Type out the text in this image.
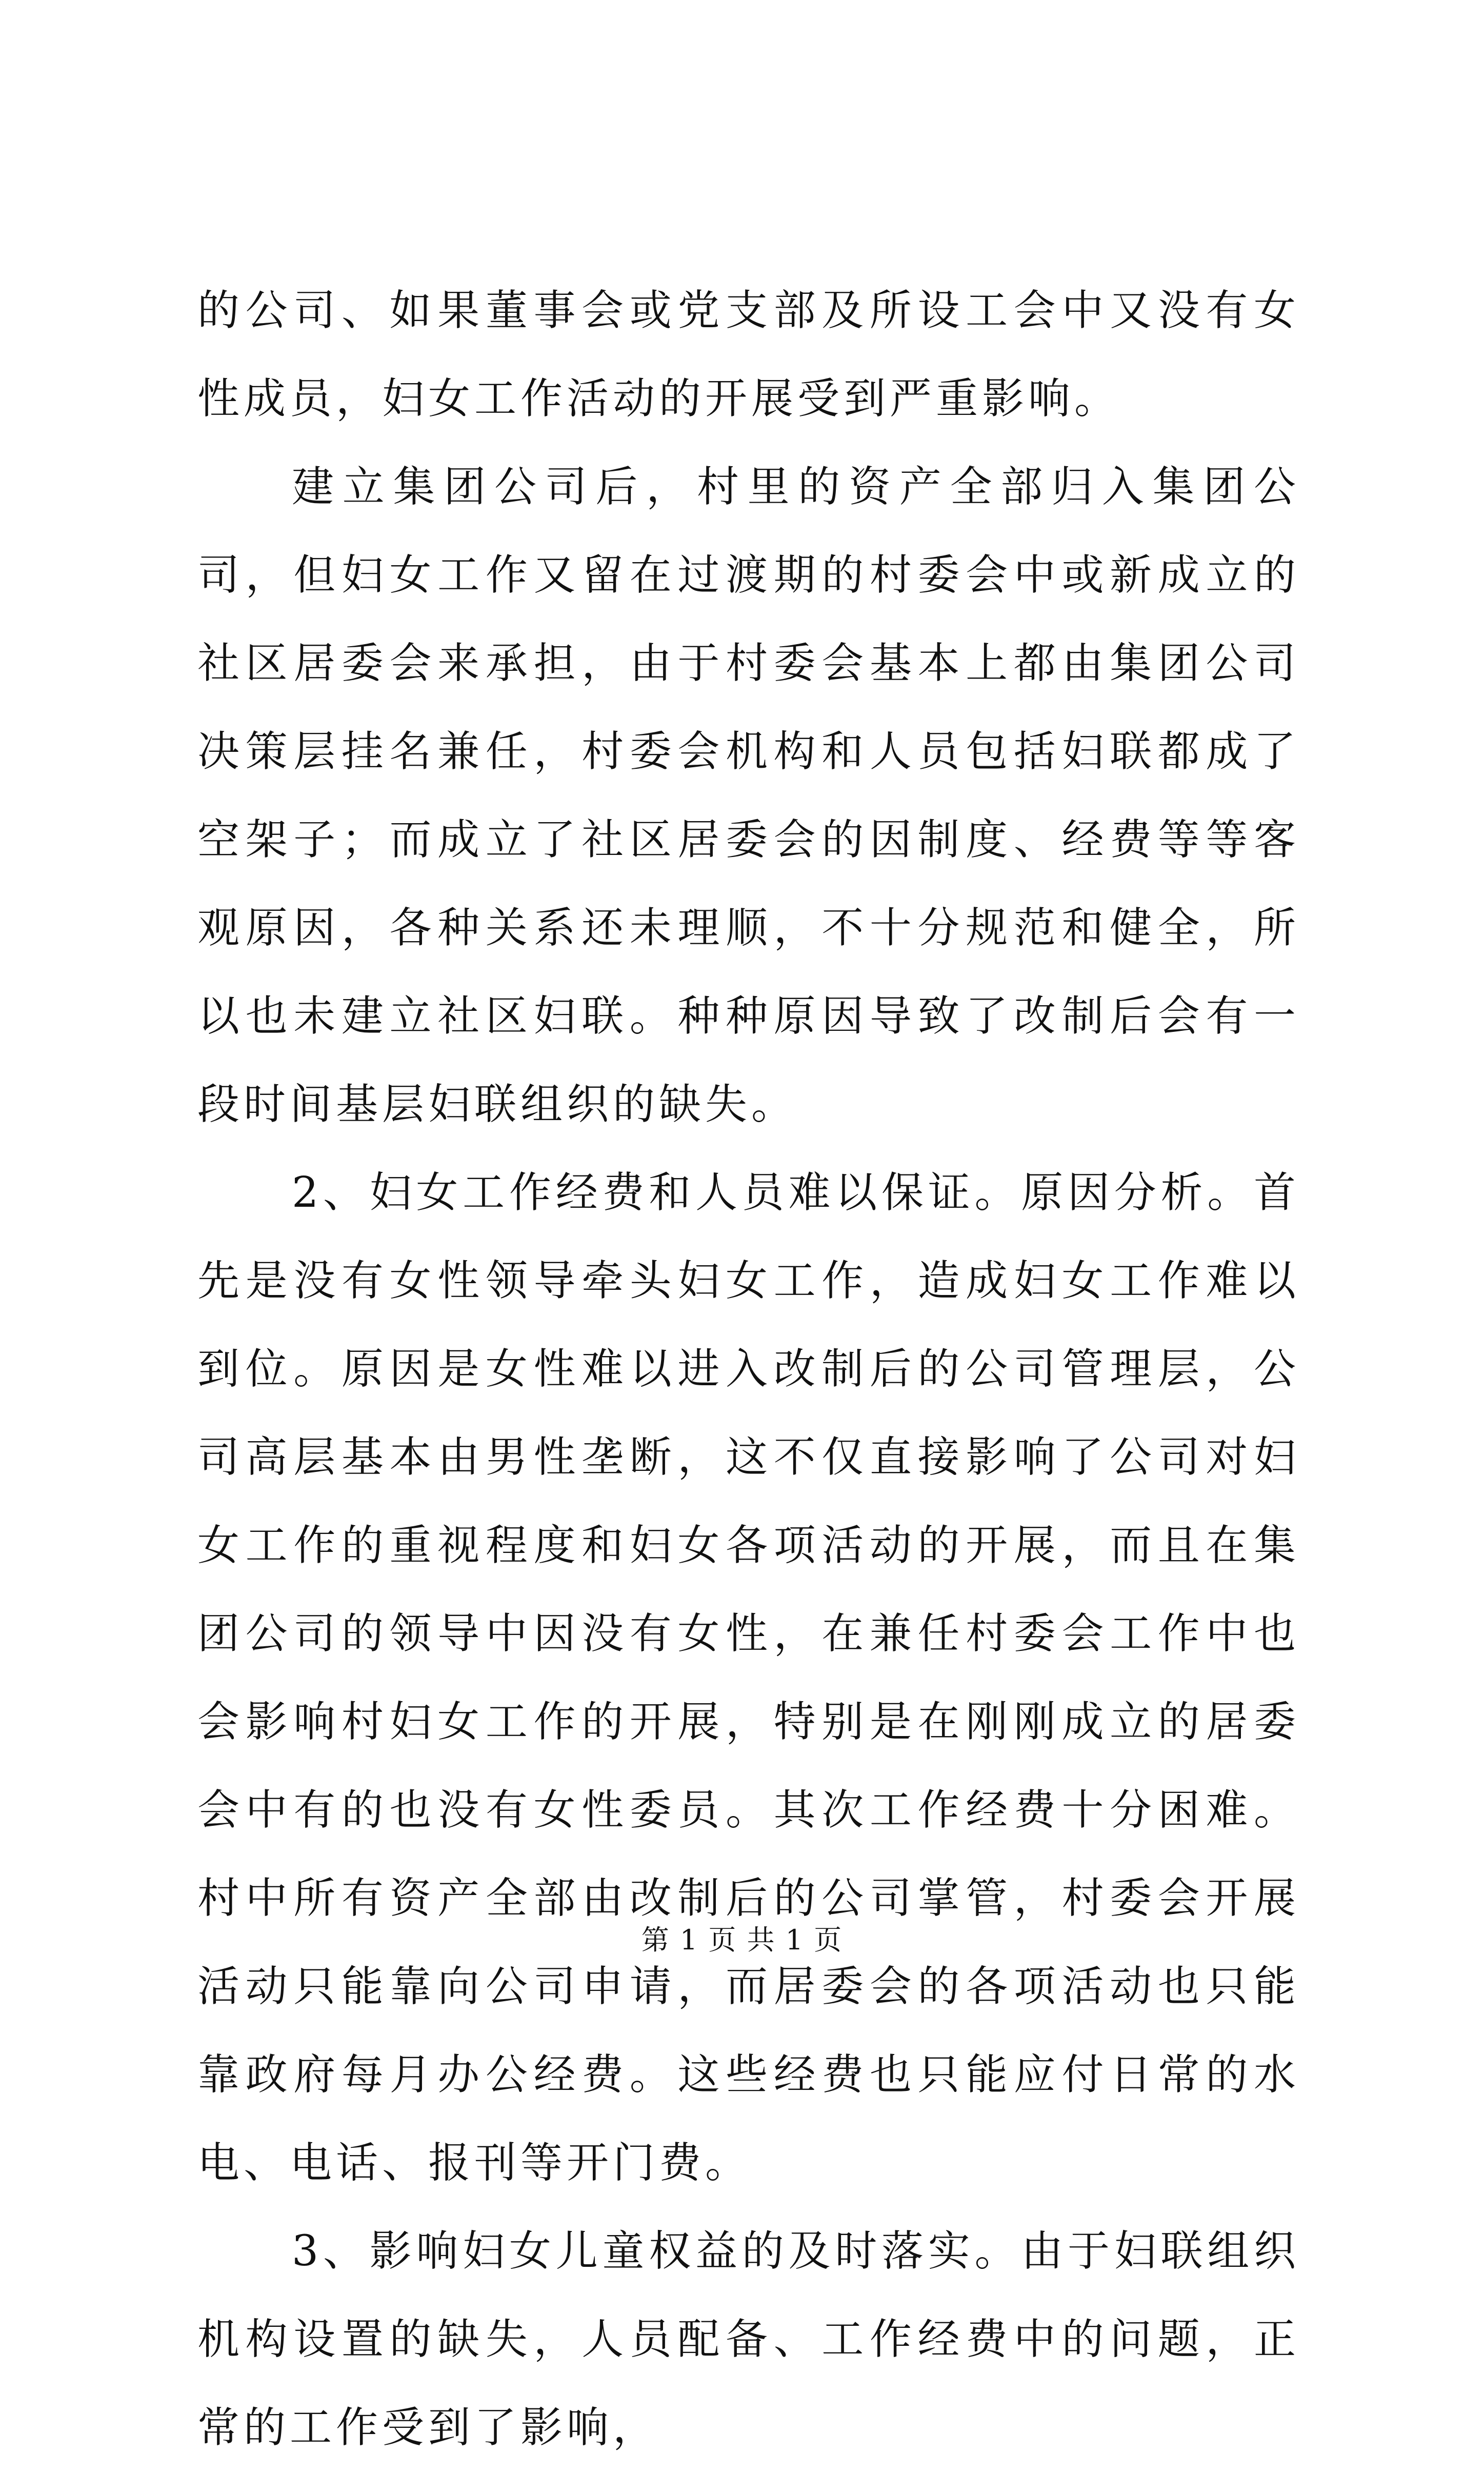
的公司、如果董事会或党支部及所设工会中又没有女性成员，妇女工作活动的开展受到严重影响。

建立集团公司后，村里的资产全部归入集团公司，但妇女工作又留在过渡期的村委会中或新成立的社区居委会来承担，由于村委会基本上都由集团公司决策层挂名兼任，村委会机构和人员包括妇联都成了空架子；而成立了社区居委会的因制度、经费等等客观原因，各种关系还未理顺，不十分规范和健全，所以也未建立社区妇联。种种原因导致了改制后会有一段时间基层妇联组织的缺失。

2、妇女工作经费和人员难以保证。原因分析。首先是没有女性领导牵头妇女工作，造成妇女工作难以到位。原因是女性难以进入改制后的公司管理层，公司高层基本由男性垄断，这不仅直接影响了公司对妇女工作的重视程度和妇女各项活动的开展，而且在集团公司的领导中因没有女性，在兼任村委会工作中也会影响村妇女工作的开展，特别是在刚刚成立的居委会中有的也没有女性委员。其次工作经费十分困难。村中所有资产全部由改制后的公司掌管，村委会开展活动只能靠向公司申请，而居委会的各项活动也只能靠政府每月办公经费。这些经费也只能应付日常的水电、电话、报刊等开门费。

3、影响妇女儿童权益的及时落实。由于妇联组织机构设置的缺失，人员配备、工作经费中的问题，正常的工作受到了影响，

第 1 页 共 1 页
